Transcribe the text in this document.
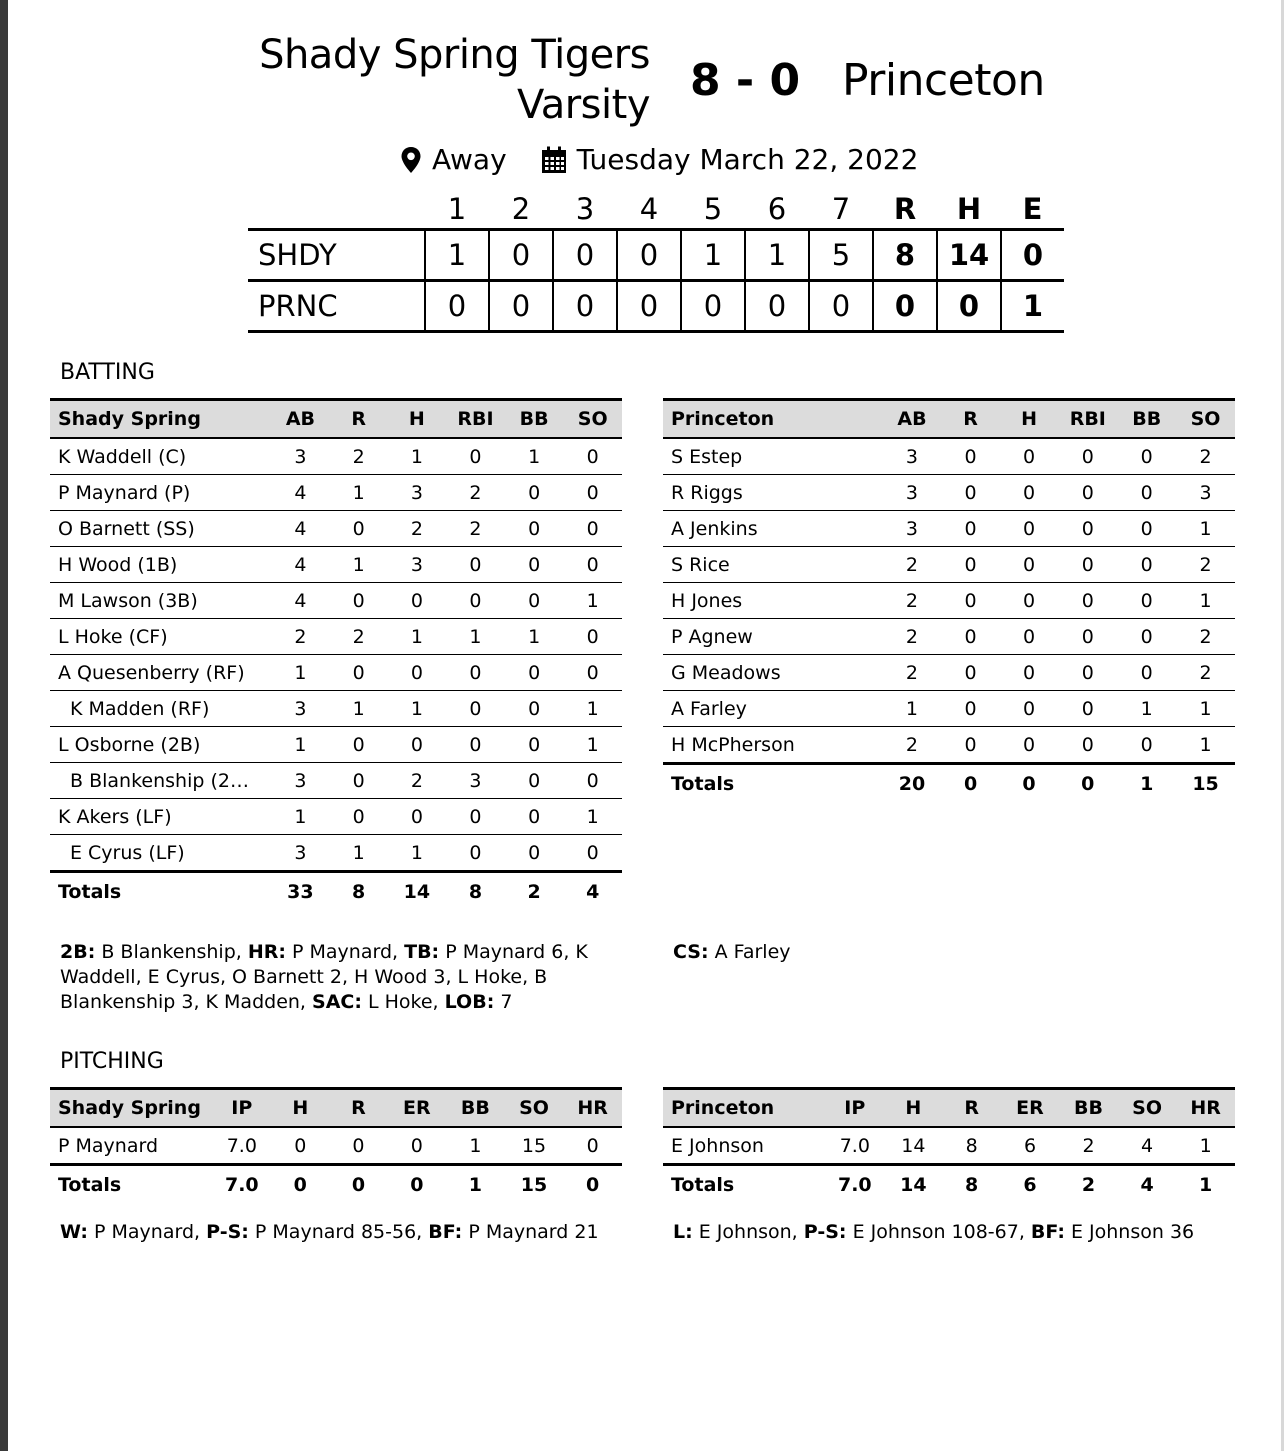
Shady Spring Tigers
Varsity 8 - 0 Princeton
Away	Tuesday March 22, 2022
	1	2	3	4	5	6	7	R	H	E
SHDY	1	0	0	0	1	1	5	8	14	0
PRNC	0	0	0	0	0	0	0	0	0	1
BATTING
Shady Spring	AB	R	H	RBI	BB	SO
K Waddell (C)	3	2	1	0	1	0
P Maynard (P)	4	1	3	2	0	0
O Barnett (SS)	4	0	2	2	0	0
H Wood (1B)	4	1	3	0	0	0
M Lawson (3B)	4	0	0	0	0	1
L Hoke (CF)	2	2	1	1	1	0
A Quesenberry (RF)	1	0	0	0	0	0
K Madden (RF)	3	1	1	0	0	1
L Osborne (2B)	1	0	0	0	0	1
B Blankenship (2…	3	0	2	3	0	0
K Akers (LF)	1	0	0	0	0	1
E Cyrus (LF)	3	1	1	0	0	0
Totals	33	8	14	8	2	4
Princeton	AB	R	H	RBI	BB	SO
S Estep	3	0	0	0	0	2
R Riggs	3	0	0	0	0	3
A Jenkins	3	0	0	0	0	1
S Rice	2	0	0	0	0	2
H Jones	2	0	0	0	0	1
P Agnew	2	0	0	0	0	2
G Meadows	2	0	0	0	0	2
A Farley	1	0	0	0	1	1
H McPherson	2	0	0	0	0	1
Totals	20	0	0	0	1	15
2B: B Blankenship, HR: P Maynard, TB: P Maynard 6, K Waddell, E Cyrus, O Barnett 2, H Wood 3, L Hoke, B Blankenship 3, K Madden, SAC: L Hoke, LOB: 7
CS: A Farley
PITCHING
Shady Spring	IP	H	R	ER	BB	SO	HR
P Maynard	7.0	0	0	0	1	15	0
Totals	7.0	0	0	0	1	15	0
Princeton	IP	H	R	ER	BB	SO	HR
E Johnson	7.0	14	8	6	2	4	1
Totals	7.0	14	8	6	2	4	1
W: P Maynard, P-S: P Maynard 85-56, BF: P Maynard 21	L: E Johnson, P-S: E Johnson 108-67, BF: E Johnson 36
